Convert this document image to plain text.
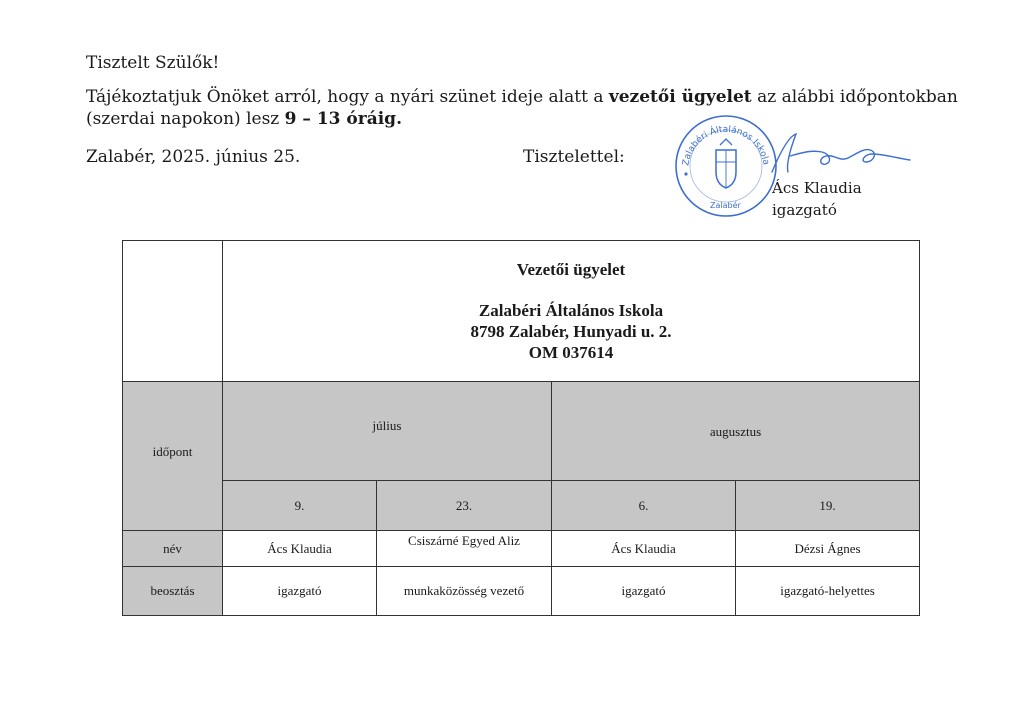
Tisztelt Szülők!
Tájékoztatjuk Önöket arról, hogy a nyári szünet ideje alatt a vezetői ügyelet az alábbi időpontokban (szerdai napokon) lesz 9 – 13 óráig.
Zalabér, 2025. június 25.	Tisztelettel:	Zalabéri Általános Iskola
Zalabér
Ács Klaudia
igazgató
Vezetői ügyelet
Zalabéri Általános Iskola
8798 Zalabér, Hunyadi u. 2.
OM 037614
időpont
július	augusztus
9.	23.	6.	19.
név	Ács Klaudia	Csiszárné Egyed Aliz	Ács Klaudia	Dézsi Ágnes
beosztás	igazgató	munkaközösség vezető	igazgató	igazgató-helyettes
